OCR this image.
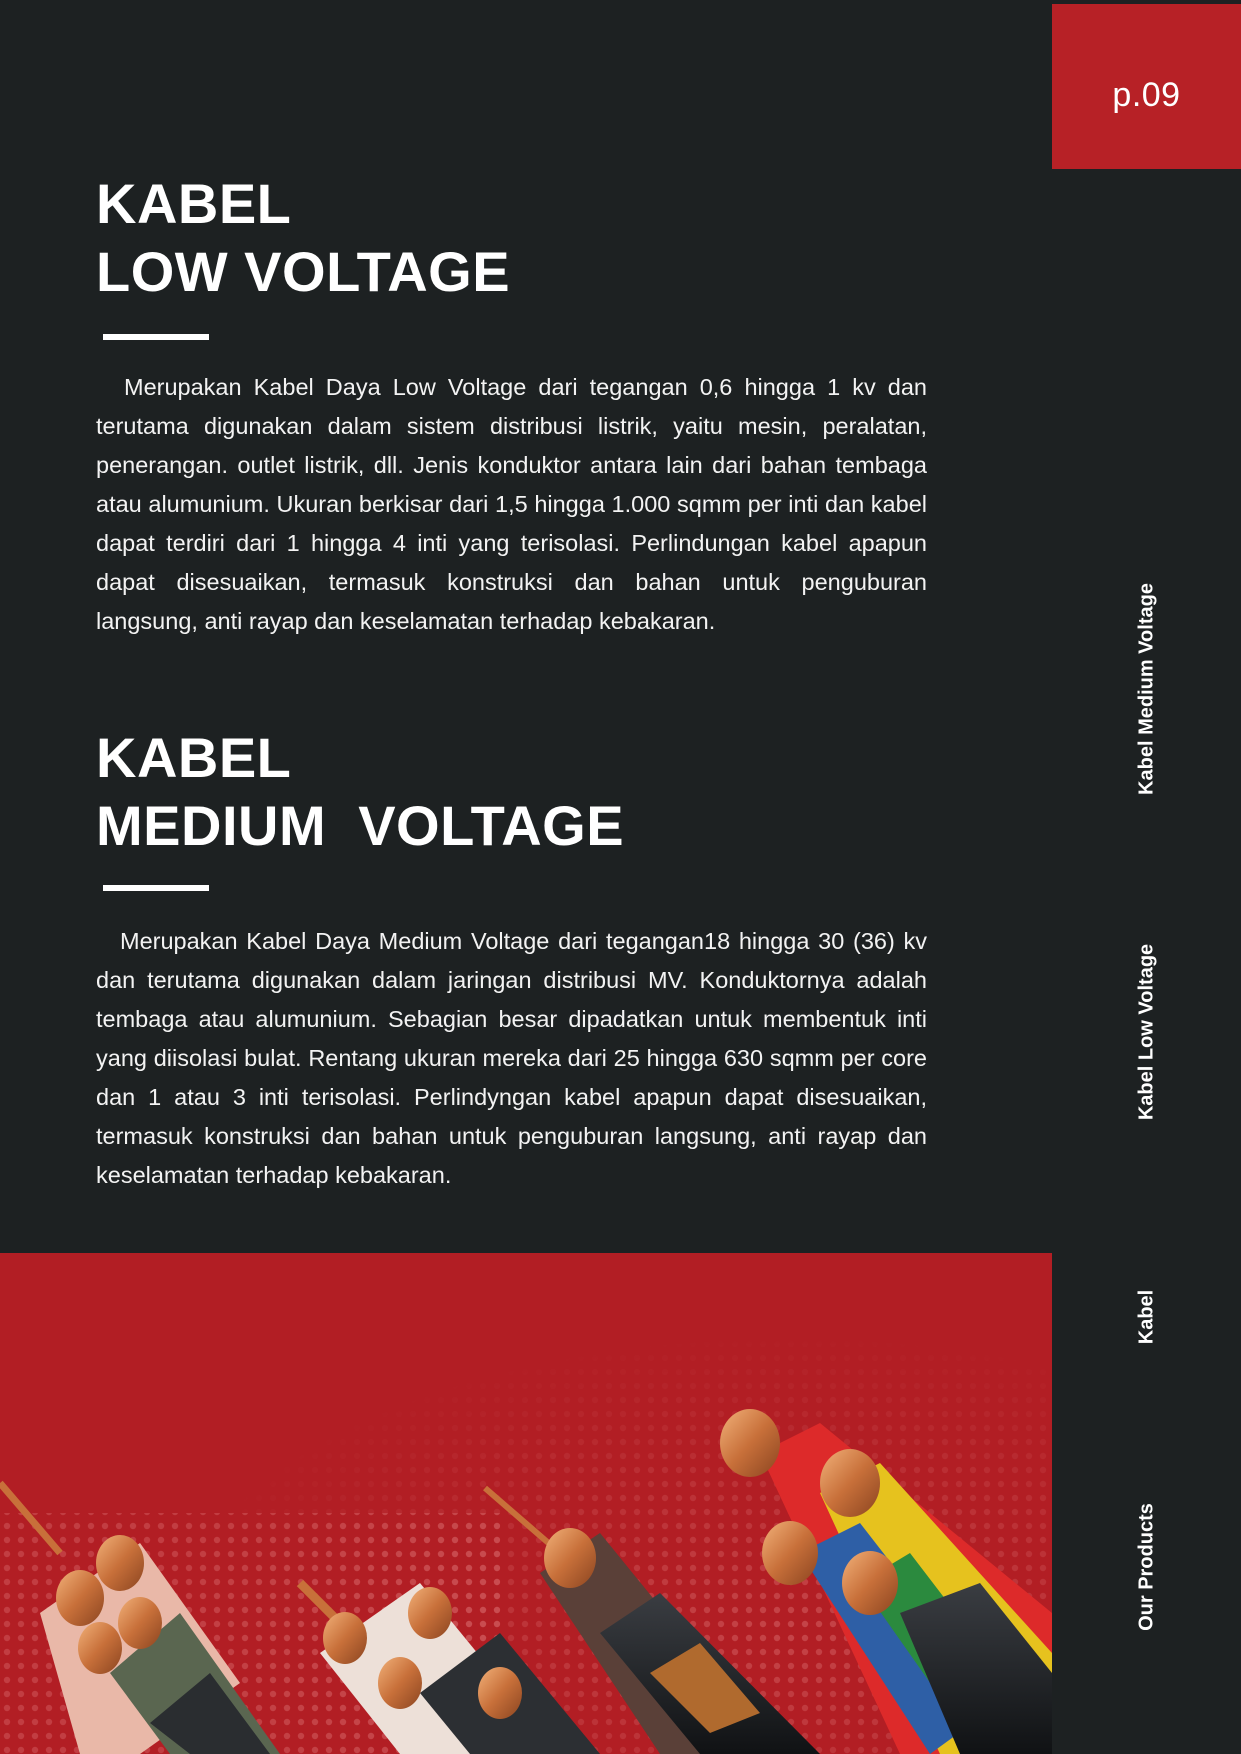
p.09
KABEL
LOW VOLTAGE

Merupakan Kabel Daya Low Voltage dari tegangan 0,6 hingga 1 kv dan terutama digunakan dalam sistem distribusi listrik, yaitu mesin, peralatan, penerangan. outlet listrik, dll. Jenis konduktor antara lain dari bahan tembaga atau alumunium. Ukuran berkisar dari 1,5 hingga 1.000 sqmm per inti dan kabel dapat terdiri dari 1 hingga 4 inti yang terisolasi. Perlindungan kabel apapun dapat disesuaikan, termasuk konstruksi dan bahan untuk penguburan langsung, anti rayap dan keselamatan terhadap kebakaran.

KABEL
MEDIUM  VOLTAGE

Merupakan Kabel Daya Medium Voltage dari tegangan18 hingga 30 (36) kv dan terutama digunakan dalam jaringan distribusi MV. Konduktornya adalah tembaga atau alumunium. Sebagian besar dipadatkan untuk membentuk inti yang diisolasi bulat. Rentang ukuran mereka dari 25 hingga 630 sqmm per core dan 1 atau 3 inti terisolasi. Perlindyngan kabel apapun dapat disesuaikan, termasuk konstruksi dan bahan untuk penguburan langsung, anti rayap dan keselamatan terhadap kebakaran.

Kabel Medium Voltage
Kabel Low Voltage
Kabel
Our Products
